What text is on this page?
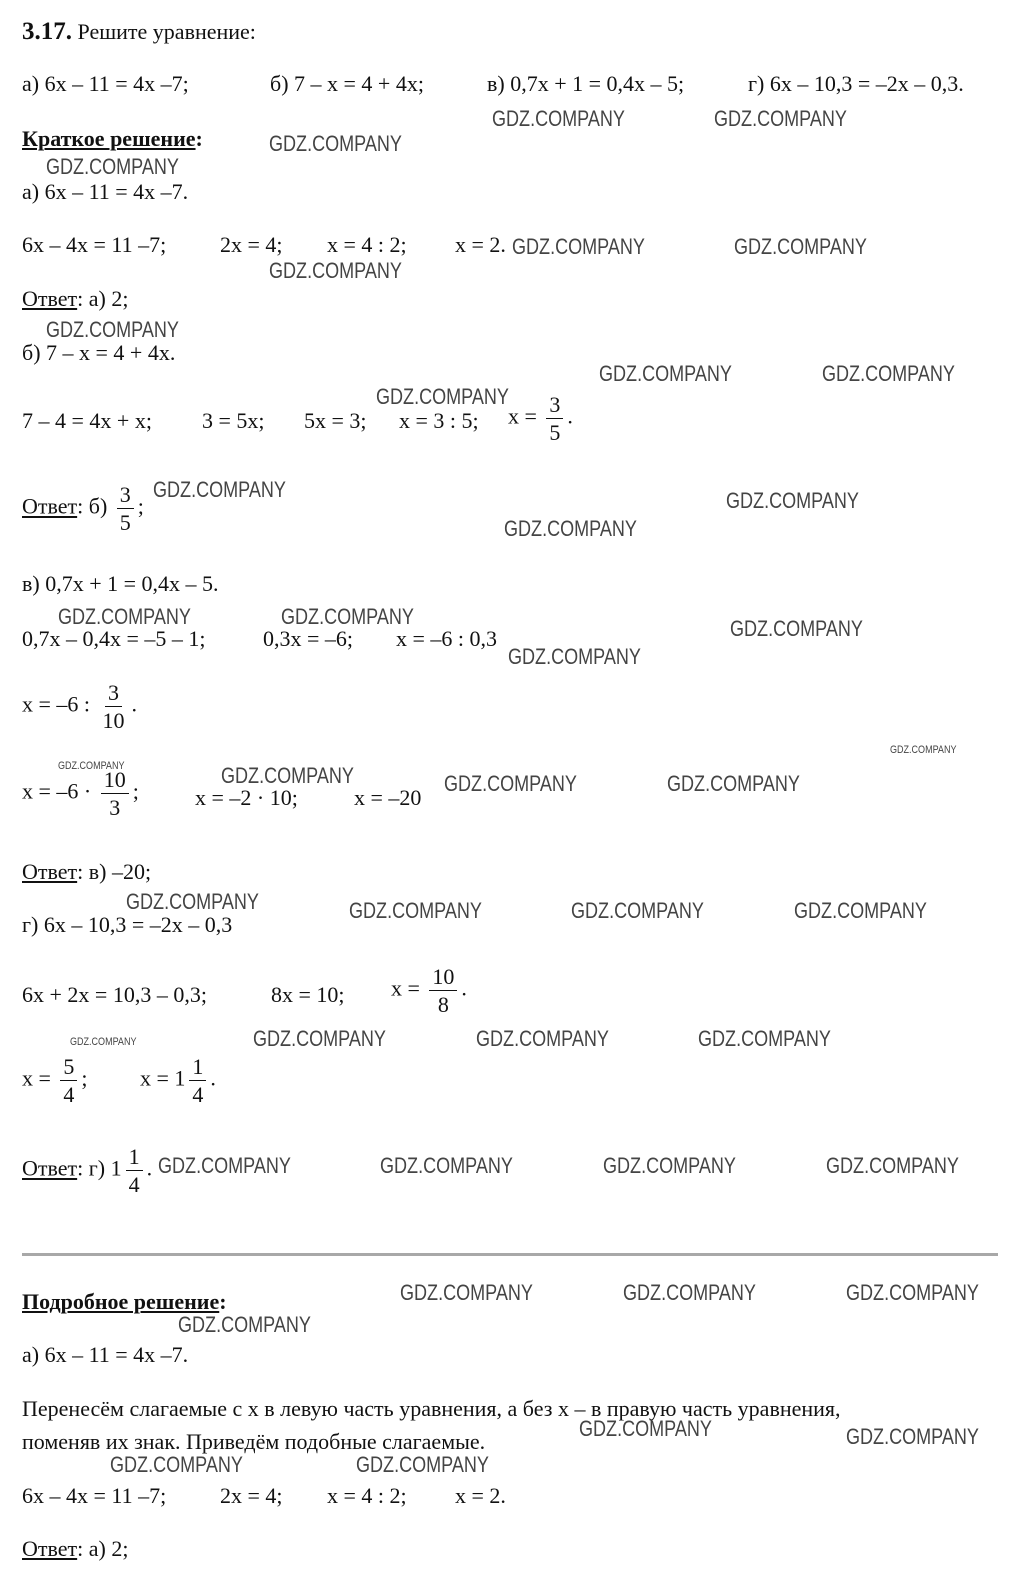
3.17. Решите уравнение:
а) 6x – 11 = 4x –7;	б) 7 – x = 4 + 4x;	в) 0,7x + 1 = 0,4x – 5;	г) 6x – 10,3 = –2x – 0,3.
Краткое решение:
а) 6x – 11 = 4x –7.
6x – 4x = 11 –7; 2x = 4; x = 4 : 2; x = 2.
Ответ: а) 2;
б) 7 – x = 4 + 4x.
7 – 4 = 4x + x; 3 = 5x; 5x = 3; x = 3 : 5; $x = \frac{3}{5}$ .
Ответ: $б) \frac{3}{5}$ ;
в) 0,7x + 1 = 0,4x – 5.
0,7x – 0,4x = –5 – 1;	0,3x = –6; x = –6 : 0,3
x = –6 : $\frac{3}{10}$ .
$x = -6 \cdot \frac{10}{3}$ ;	x = –2 · 10;	x = –20
Ответ: в) –20;
г) 6x – 10,3 = –2x – 0,3
6x + 2x = 10,3 – 0,3;	8x = 10; $x = \frac{10}{8}$ .
$x = \frac{5}{4}$ ; $x = 1 \frac{1}{4}$ .
Ответ: г) $1 \frac{1}{4}$ .
Подробное решение:
а) 6x – 11 = 4x –7.
Перенесём слагаемые с x в левую часть уравнения, а без x – в правую часть уравнения,
поменяв их знак. Приведём подобные слагаемые.
6x – 4x = 11 –7; 2x = 4; x = 4 : 2; x = 2.
Ответ: а) 2;
GDZ.COMPANY	GDZ.COMPANY
GDZ.COMPANY
GDZ.COMPANY
GDZ.COMPANY	GDZ.COMPANY
GDZ.COMPANY
GDZ.COMPANY
GDZ.COMPANY	GDZ.COMPANY
GDZ.COMPANY
GDZ.COMPANY	GDZ.COMPANY
GDZ.COMPANY
GDZ.COMPANY	GDZ.COMPANY	GDZ.COMPANY
GDZ.COMPANY
GDZ.COMPANY
GDZ.COMPANY	GDZ.COMPANY	GDZ.COMPANY	GDZ.COMPANY
GDZ.COMPANY	GDZ.COMPANY	GDZ.COMPANY	GDZ.COMPANY
GDZ.COMPANY	GDZ.COMPANY	GDZ.COMPANY	GDZ.COMPANY
GDZ.COMPANY	GDZ.COMPANY	GDZ.COMPANY	GDZ.COMPANY
GDZ.COMPANY	GDZ.COMPANY	GDZ.COMPANY
GDZ.COMPANY
GDZ.COMPANY	GDZ.COMPANY
GDZ.COMPANY	GDZ.COMPANY
